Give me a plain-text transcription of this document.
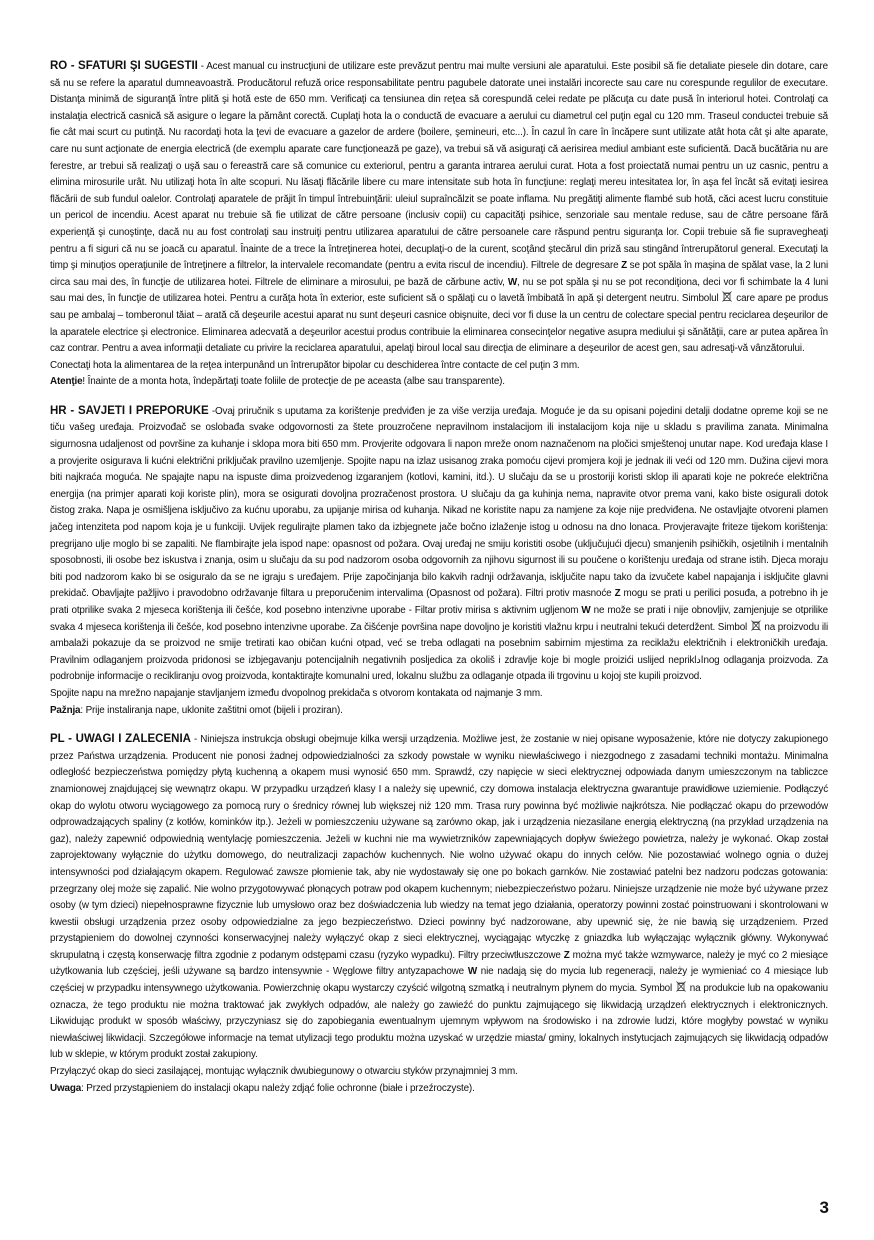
RO - SFATURI ŞI SUGESTII - Acest manual cu instrucţiuni de utilizare este prevăzut pentru mai multe versiuni ale aparatului. Este posibil să fie detaliate piesele din dotare, care să nu se refere la aparatul dumneavoastră. Producătorul refuză orice responsabilitate pentru pagubele datorate unei instalări incorecte sau care nu corespunde regulilor de executare. Distanţa minimă de siguranţă între plită şi hotă este de 650 mm. Verificaţi ca tensiunea din reţea să corespundă celei redate pe plăcuţa cu date pusă în interiorul hotei. Controlaţi ca instalaţia electrică casnică să asigure o legare la pământ corectă. Cuplaţi hota la o conductă de evacuare a aerului cu diametrul cel puţin egal cu 120 mm. Traseul conductei trebuie să fie cât mai scurt cu putinţă. Nu racordaţi hota la ţevi de evacuare a gazelor de ardere (boilere, şemineuri, etc...). În cazul în care în încăpere sunt utilizate atât hota cât şi alte aparate, care nu sunt acţionate de energia electrică (de exemplu aparate care funcţionează pe gaze), va trebui să vă asiguraţi că aerisirea mediul ambiant este suficientă. Dacă bucătăria nu are ferestre, ar trebui să realizaţi o uşă sau o fereastră care să comunice cu exteriorul, pentru a garanta intrarea aerului curat. Hota a fost proiectată numai pentru un uz casnic, pentru a elimina mirosurile urât. Nu utilizaţi hota în alte scopuri. Nu lăsaţi flăcările libere cu mare intensitate sub hota în funcţiune: reglaţi mereu intesitatea lor, în aşa fel încât să evitaţi iesirea flăcării de sub fundul oalelor. Controlaţi aparatele de prăjit în timpul întrebuinţării: uleiul supraîncălzit se poate inflama. Nu pregătiţi alimente flambé sub hotă, căci acest lucru constituie un pericol de incendiu. Acest aparat nu trebuie să fie utilizat de către persoane (inclusiv copii) cu capacităţi psihice, senzoriale sau mentale reduse, sau de către persoane fără experienţă şi cunoştinţe, dacă nu au fost controlaţi sau instruiţi pentru utilizarea aparatului de către persoanele care răspund pentru siguranţa lor. Copii trebuie să fie supravegheaţi pentru a fi siguri că nu se joacă cu aparatul. Înainte de a trece la întreţinerea hotei, decuplaţi-o de la curent, scoţând ştecărul din priză sau stingând întrerupătorul general. Executaţi la timp şi minuţios operaţiunile de întreţinere a filtrelor, la intervalele recomandate (pentru a evita riscul de incendiu). Filtrele de degresare Z se pot spăla în maşina de spălat vase, la 2 luni circa sau mai des, în funcţie de utilizarea hotei. Filtrele de eliminare a mirosului, pe bază de cărbune activ, W, nu se pot spăla şi nu se pot recondiţiona, deci vor fi schimbate la 4 luni sau mai des, în funcţie de utilizarea hotei. Pentru a curăţa hota în exterior, este suficient să o spălaţi cu o lavetă îmbibată în apă şi detergent neutru. Simbolul  care apare pe produs sau pe ambalaj – tomberonul tăiat – arată că deşeurile acestui aparat nu sunt deşeuri casnice obişnuite, deci vor fi duse la un centru de colectare special pentru reciclarea deşeurilor de la aparatele electrice şi electronice. Eliminarea adecvată a deşeurilor acestui produs contribuie la eliminarea consecinţelor negative asupra mediului şi sănătăţii, care ar putea apărea în caz contrar. Pentru a avea informaţii detaliate cu privire la reciclarea aparatului, apelaţi biroul local sau direcţia de eliminare a deşeurilor de acest gen, sau adresaţi-vă vânzătorului.

Conectaţi hota la alimentarea de la reţea interpunând un întrerupător bipolar cu deschiderea între contacte de cel puţin 3 mm.

Atenţie! Înainte de a monta hota, îndepărtaţi toate foliile de protecţie de pe aceasta (albe sau transparente).

HR - SAVJETI I PREPORUKE -Ovaj priručnik s uputama za korištenje predviđen je za više verzija uređaja. Moguće je da su opisani pojedini detalji dodatne opreme koji se ne tiču vašeg uređaja. Proizvođač se oslobađa svake odgovornosti za štete prouzročene nepravilnom instalacijom ili instalacijom koja nije u skladu s pravilima zanata. Minimalna sigurnosna udaljenost od površine za kuhanje i sklopa mora biti 650 mm. Provjerite odgovara li napon mreže onom naznačenom na pločici smještenoj unutar nape. Kod uređaja klase I a provjerite osigurava li kućni električni priključak pravilno uzemljenje. Spojite napu na izlaz usisanog zraka pomoću cijevi promjera koji je jednak ili veći od 120 mm. Dužina cijevi mora biti najkraća moguća. Ne spajajte napu na ispuste dima proizvedenog izgaranjem (kotlovi, kamini, itd.). U slučaju da se u prostoriji koristi sklop ili aparati koje ne pokreće električna energija (na primjer aparati koji koriste plin), mora se osigurati dovoljna prozračenost prostora. U slučaju da ga kuhinja nema, napravite otvor prema vani, kako biste osigurali dotok čistog zraka. Napa je osmišljena isključivo za kućnu uporabu, za upijanje mirisa od kuhanja. Nikad ne koristite napu za namjene za koje nije predviđena. Ne ostavljajte otvoreni plamen jačeg intenziteta pod napom koja je u funkciji. Uvijek regulirajte plamen tako da izbjegnete jače bočno izlaženje istog u odnosu na dno lonaca. Provjeravajte friteze tijekom korištenja: pregrijano ulje moglo bi se zapaliti. Ne flambirajte jela ispod nape: opasnost od požara. Ovaj uređaj ne smiju koristiti osobe (uključujući djecu) smanjenih psihičkih, osjetilnih i mentalnih sposobnosti, ili osobe bez iskustva i znanja, osim u slučaju da su pod nadzorom osoba odgovornih za njihovu sigurnost ili su poučene o korištenju uređaja od strane istih. Djeca moraju biti pod nadzorom kako bi se osiguralo da se ne igraju s uređajem. Prije započinjanja bilo kakvih radnji održavanja, isključite napu tako da izvučete kabel napajanja i isključite glavni prekidač. Obavljajte pažljivo i pravodobno održavanje filtara u preporučenim intervalima (Opasnost od požara). Filtri protiv masnoće Z mogu se prati u perilici posuđa, a potrebno ih je prati otprilike svaka 2 mjeseca korištenja ili češće, kod posebno intenzivne uporabe - Filtar protiv mirisa s aktivnim ugljenom W ne može se prati i nije obnovljiv, zamjenjuje se otprilike svaka 4 mjeseca korištenja ili češće, kod posebno intenzivne uporabe. Za čišćenje površina nape dovoljno je koristiti vlažnu krpu i neutralni tekući deterdžent. Simbol  na proizvodu ili ambalaži pokazuje da se proizvod ne smije tretirati kao običan kućni otpad, već se treba odlagati na posebnim sabirnim mjestima za reciklažu električnih i elektroničkih uređaja. Pravilnim odlaganjem proizvoda pridonosi se izbjegavanju potencijalnih negativnih posljedica za okoliš i zdravlje koje bi mogle proizići uslijed nepriklادnog odlaganja proizvoda. Za podrobnije informacije o recikliranju ovog proizvoda, kontaktirajte komunalni ured, lokalnu službu za odlaganje otpada ili trgovinu u kojoj ste kupili proizvod.

Spojite napu na mrežno napajanje stavljanjem između dvopolnog prekidača s otvorom kontakata od najmanje 3 mm.

Pažnja: Prije instaliranja nape, uklonite zaštitni omot (bijeli i proziran).

PL - UWAGI I ZALECENIA - Niniejsza instrukcja obsługi obejmuje kilka wersji urządzenia. Możliwe jest, że zostanie w niej opisane wyposażenie, które nie dotyczy zakupionego przez Państwa urządzenia. Producent nie ponosi żadnej odpowiedzialności za szkody powstałe w wyniku niewłaściwego i niezgodnego z zasadami techniki montażu. Minimalna odległość bezpieczeństwa pomiędzy płytą kuchenną a okapem musi wynosić 650 mm. Sprawdź, czy napięcie w sieci elektrycznej odpowiada danym umieszczonym na tabliczce znamionowej znajdującej się wewnątrz okapu. W przypadku urządzeń klasy I a należy się upewnić, czy domowa instalacja elektryczna gwarantuje prawidłowe uziemienie. Podłączyć okap do wylotu otworu wyciągowego za pomocą rury o średnicy równej lub większej niż 120 mm. Trasa rury powinna być możliwie najkrótsza. Nie podłączać okapu do przewodów odprowadzających spaliny (z kotłów, kominków itp.). Jeżeli w pomieszczeniu używane są zarówno okap, jak i urządzenia niezasilane energią elektryczną (na przykład urządzenia na gaz), należy zapewnić odpowiednią wentylację pomieszczenia. Jeżeli w kuchni nie ma wywietrzników zapewniających dopływ świeżego powietrza, należy je wykonać. Okap został zaprojektowany wyłącznie do użytku domowego, do neutralizacji zapachów kuchennych. Nie wolno używać okapu do innych celów. Nie pozostawiać wolnego ognia o dużej intensywności pod działającym okapem. Regulować zawsze płomienie tak, aby nie wydostawały się one po bokach garnków. Nie zostawiać patelni bez nadzoru podczas gotowania: przegrzany olej może się zapalić. Nie wolno przygotowywać płonących potraw pod okapem kuchennym; niebezpieczeństwo pożaru. Niniejsze urządzenie nie może być używane przez osoby (w tym dzieci) niepełnosprawne fizycznie lub umysłowo oraz bez doświadczenia lub wiedzy na temat jego działania, operatorzy powinni zostać poinstruowani i skontrolowani w kwestii obsługi urządzenia przez osoby odpowiedzialne za jego bezpieczeństwo. Dzieci powinny być nadzorowane, aby upewnić się, że nie bawią się urządzeniem. Przed przystąpieniem do dowolnej czynności konserwacyjnej należy wyłączyć okap z sieci elektrycznej, wyciągając wtyczkę z gniazdka lub wyłączając wyłącznik główny. Wykonywać skrupulatną i częstą konserwację filtra zgodnie z podanym odstępami czasu (ryzyko wypadku). Filtry przeciwtłuszczowe Z można myć także wzmywarce, należy je myć co 2 miesiące użytkowania lub częściej, jeśli używane są bardzo intensywnie - Węglowe filtry antyzapachowe W nie nadają się do mycia lub regeneracji, należy je wymieniać co 4 miesiące lub częściej w przypadku intensywnego użytkowania. Powierzchnię okapu wystarczy czyścić wilgotną szmatką i neutralnym płynem do mycia. Symbol  na produkcie lub na opakowaniu oznacza, że tego produktu nie można traktować jak zwykłych odpadów, ale należy go zawieźć do punktu zajmującego się likwidacją urządzeń elektrycznych i elektronicznych. Likwidując produkt w sposób właściwy, przyczyniasz się do zapobiegania ewentualnym ujemnym wpływom na środowisko i na zdrowie ludzi, które mogłyby powstać w wyniku niewłaściwej likwidacji. Szczegółowe informacje na temat utylizacji tego produktu można uzyskać w urzędzie miasta/ gminy, lokalnych instytucjach zajmujących się likwidacją odpadów lub w sklepie, w którym produkt został zakupiony.

Przyłączyć okap do sieci zasilającej, montując wyłącznik dwubiegunowy o otwarciu styków przynajmniej 3 mm.

Uwaga: Przed przystąpieniem do instalacji okapu należy zdjąć folie ochronne (białe i przeźroczyste).

3
